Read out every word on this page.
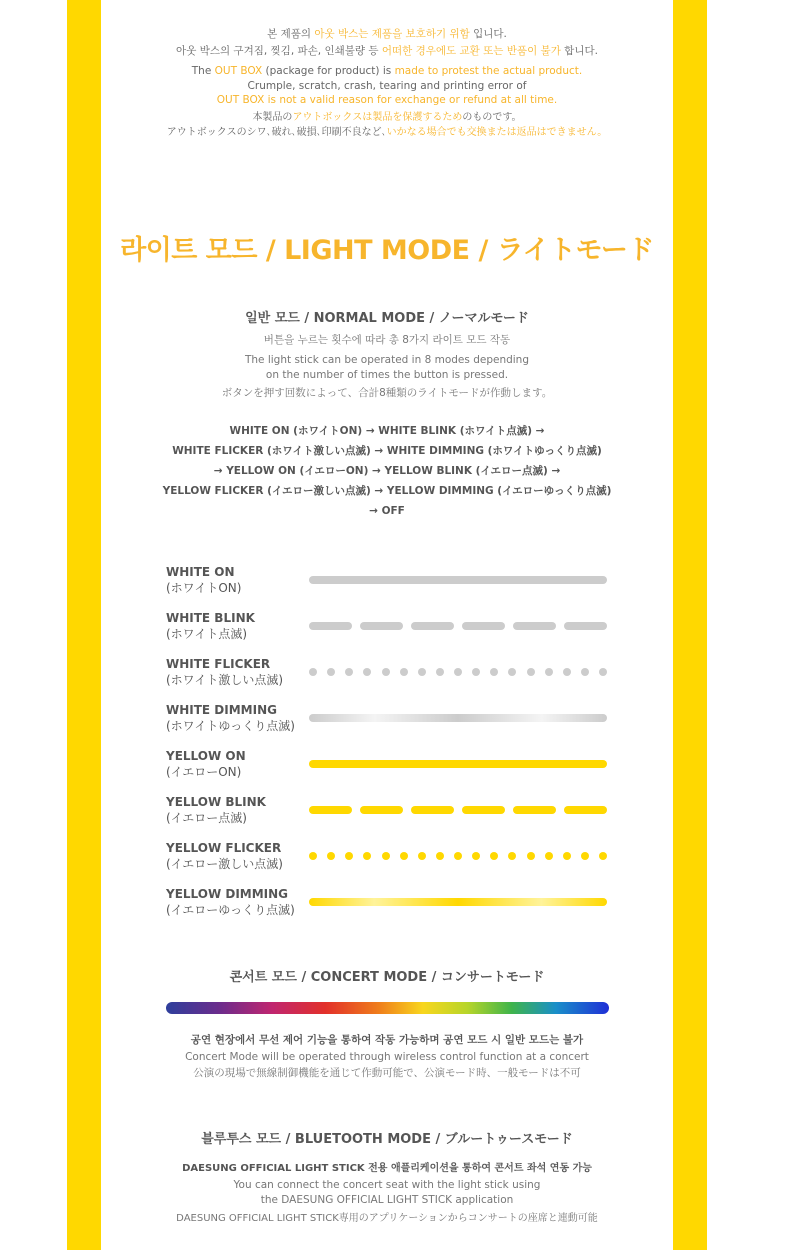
본 제품의 아웃 박스는 제품을 보호하기 위함 입니다.

아웃 박스의 구겨짐, 찢김, 파손, 인쇄불량 등 어떠한 경우에도 교환 또는 반품이 불가 합니다.

The OUT BOX (package for product) is made to protest the actual product.

Crumple, scratch, crash, tearing and printing error of

OUT BOX is not a valid reason for exchange or refund at all time.

本製品のアウトボックスは製品を保護するためのものです。

アウトボックスのシワ､破れ､破損､印刷不良など､いかなる場合でも交換または返品はできません。

라이트 모드 / LIGHT MODE / ライトモード
일반 모드 / NORMAL MODE / ノーマルモード

버튼을 누르는 횟수에 따라 총 8가지 라이트 모드 작동

The light stick can be operated in 8 modes depending

on the number of times the button is pressed.

ボタンを押す回数によって、合計8種類のライトモードが作動します。

WHITE ON (ホワイトON) → WHITE BLINK (ホワイト点滅) →

WHITE FLICKER (ホワイト激しい点滅) → WHITE DIMMING (ホワイトゆっくり点滅)

→ YELLOW ON (イエローON) → YELLOW BLINK (イエロー点滅) →

YELLOW FLICKER (イエロー激しい点滅) → YELLOW DIMMING (イエローゆっくり点滅)

→ OFF

WHITE ON
(ホワイトON)
WHITE BLINK
(ホワイト点滅)
WHITE FLICKER
(ホワイト激しい点滅)
WHITE DIMMING
(ホワイトゆっくり点滅)
YELLOW ON
(イエローON)
YELLOW BLINK
(イエロー点滅)
YELLOW FLICKER
(イエロー激しい点滅)
YELLOW DIMMING
(イエローゆっくり点滅)
콘서트 모드 / CONCERT MODE / コンサートモード

공연 현장에서 무선 제어 기능을 통하여 작동 가능하며 공연 모드 시 일반 모드는 불가

Concert Mode will be operated through wireless control function at a concert

公演の現場で無線制御機能を通じて作動可能で、公演モード時、一般モードは不可

블루투스 모드 / BLUETOOTH MODE / ブルートゥースモード

DAESUNG OFFICIAL LIGHT STICK 전용 애플리케이션을 통하여 콘서트 좌석 연동 가능

You can connect the concert seat with the light stick using

the DAESUNG OFFICIAL LIGHT STICK application

DAESUNG OFFICIAL LIGHT STICK専用のアプリケーションからコンサートの座席と連動可能
